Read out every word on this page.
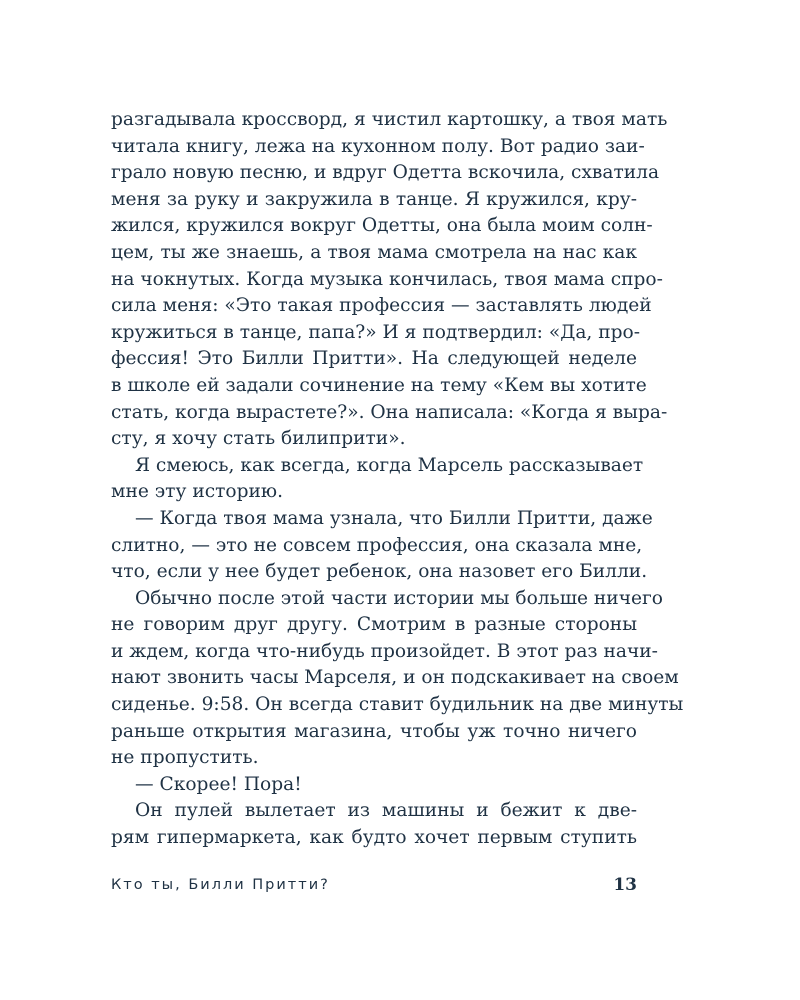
разгадывала кроссворд, я чистил картошку, а твоя мать
читала книгу, лежа на кухонном полу. Вот радио заи-
грало новую песню, и вдруг Одетта вскочила, схватила
меня за руку и закружила в танце. Я кружился, кру-
жился, кружился вокруг Одетты, она была моим солн-
цем, ты же знаешь, а твоя мама смотрела на нас как
на чокнутых. Когда музыка кончилась, твоя мама спро-
сила меня: «Это такая профессия — заставлять людей
кружиться в танце, папа?» И я подтвердил: «Да, про-
фессия! Это Билли Притти». На следующей неделе
в школе ей задали сочинение на тему «Кем вы хотите
стать, когда вырастете?». Она написала: «Когда я выра-
сту, я хочу стать билиприти».
Я смеюсь, как всегда, когда Марсель рассказывает
мне эту историю.
— Когда твоя мама узнала, что Билли Притти, даже
слитно, — это не совсем профессия, она сказала мне,
что, если у нее будет ребенок, она назовет его Билли.
Обычно после этой части истории мы больше ничего
не говорим друг другу. Смотрим в разные стороны
и ждем, когда что-нибудь произойдет. В этот раз начи-
нают звонить часы Марселя, и он подскакивает на своем
сиденье. 9:58. Он всегда ставит будильник на две минуты
раньше открытия магазина, чтобы уж точно ничего
не пропустить.
— Скорее! Пора!
Он пулей вылетает из машины и бежит к две-
рям гипермаркета, как будто хочет первым ступить
Кто ты, Билли Притти?	13
